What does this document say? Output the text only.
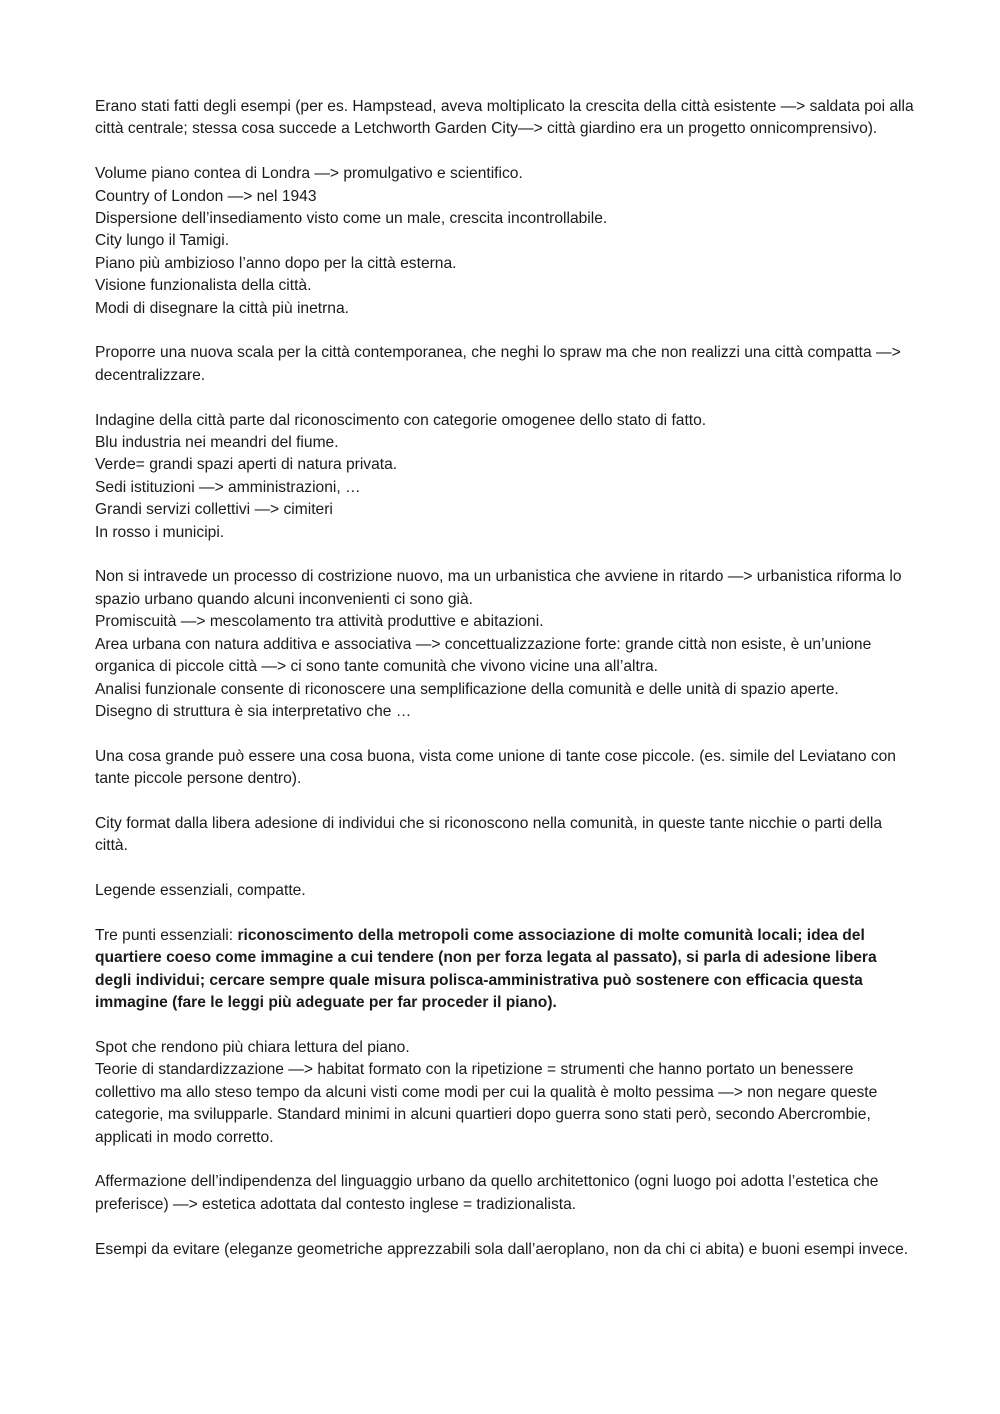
Erano stati fatti degli esempi (per es. Hampstead, aveva moltiplicato la crescita della città esistente —> saldata poi alla città centrale; stessa cosa succede a Letchworth Garden City—> città giardino era un progetto onnicomprensivo).
Volume piano contea di Londra —> promulgativo e scientifico.
Country of London —> nel 1943
Dispersione dell’insediamento visto come un male, crescita incontrollabile.
City lungo il Tamigi.
Piano più ambizioso l’anno dopo per la città esterna.
Visione funzionalista della città.
Modi di disegnare la città più inetrna.
Proporre una nuova scala per la città contemporanea, che neghi lo spraw ma che non realizzi una città compatta —> decentralizzare.
Indagine della città parte dal riconoscimento con categorie omogenee dello stato di fatto.
Blu industria nei meandri del fiume.
Verde= grandi spazi aperti di natura privata.
Sedi istituzioni —> amministrazioni, …
Grandi servizi collettivi —> cimiteri
In rosso i municipi.
Non si intravede un processo di costrizione nuovo, ma un urbanistica che avviene in ritardo —> urbanistica riforma lo spazio urbano quando alcuni inconvenienti ci sono già.
Promiscuità —> mescolamento tra attività produttive e abitazioni.
Area urbana con natura additiva e associativa —> concettualizzazione forte: grande città non esiste, è un’unione organica di piccole città —> ci sono tante comunità che vivono vicine una all’altra.
Analisi funzionale consente di riconoscere una semplificazione della comunità e delle unità di spazio aperte.
Disegno di struttura è sia interpretativo che …
Una cosa grande può essere una cosa buona, vista come unione di tante cose piccole. (es. simile del Leviatano con tante piccole persone dentro).
City format dalla libera adesione di individui che si riconoscono nella comunità, in queste tante nicchie o parti della città.
Legende essenziali, compatte.
Tre punti essenziali: riconoscimento della metropoli come associazione di molte comunità locali; idea del quartiere coeso come immagine a cui tendere (non per forza legata al passato), si parla di adesione libera degli individui; cercare sempre quale misura polisca-amministrativa può sostenere con efficacia questa immagine (fare le leggi più adeguate per far proceder il piano).
Spot che rendono più chiara lettura del piano.
Teorie di standardizzazione —> habitat formato con la ripetizione = strumenti che hanno portato un benessere collettivo ma allo steso tempo da alcuni visti come modi per cui la qualità è molto pessima —> non negare queste categorie, ma svilupparle. Standard minimi in alcuni quartieri dopo guerra sono stati però, secondo Abercrombie, applicati in modo corretto.
Affermazione dell’indipendenza del linguaggio urbano da quello architettonico (ogni luogo poi adotta l’estetica che preferisce) —> estetica adottata dal contesto inglese = tradizionalista.
Esempi da evitare (eleganze geometriche apprezzabili sola dall’aeroplano, non da chi ci abita) e buoni esempi invece.
